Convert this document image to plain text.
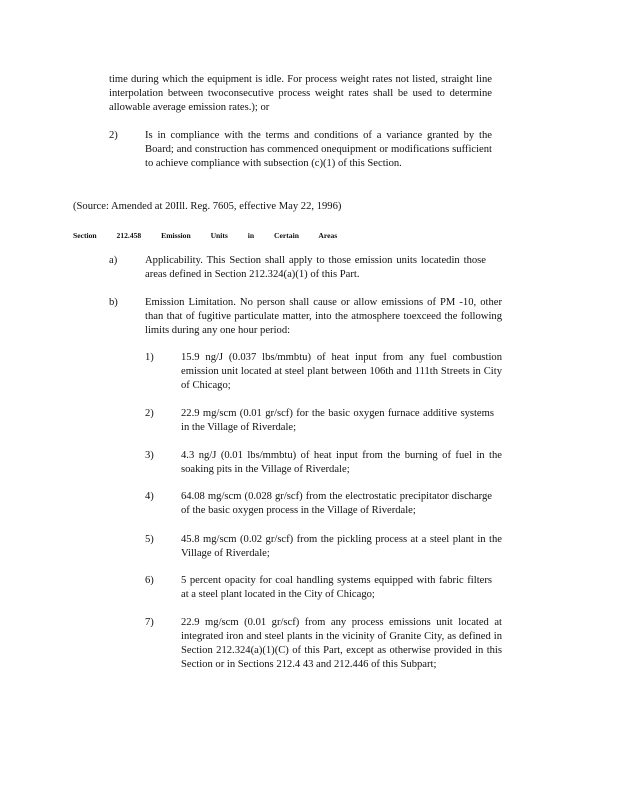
time during which the equipment is idle. For process weight rates not listed, straight line interpolation between twoconsecutive process weight rates shall be used to determine allowable average emission rates.); or

2)	Is in compliance with the terms and conditions of a variance granted by the Board; and construction has commenced onequipment or modifications sufficient to achieve compliance with subsection (c)(1) of this Section.

(Source: Amended at 20Ill. Reg. 7605, effective May 22, 1996)

Section	212.458	Emission	Units	in	Certain	Areas

a)	Applicability. This Section shall apply to those emission units locatedin those areas defined in Section 212.324(a)(1) of this Part.

b)	Emission Limitation. No person shall cause or allow emissions of PM -10, other than that of fugitive particulate matter, into the atmosphere toexceed the following limits during any one hour period:

1)	15.9 ng/J (0.037 lbs/mmbtu) of heat input from any fuel combustion emission unit located at steel plant between 106th and 111th Streets in City of Chicago;

2)	22.9 mg/scm (0.01 gr/scf) for the basic oxygen furnace additive systems in the Village of Riverdale;

3)	4.3 ng/J (0.01 lbs/mmbtu) of heat input from the burning of fuel in the soaking pits in the Village of Riverdale;

4)	64.08 mg/scm (0.028 gr/scf) from the electrostatic precipitator discharge of the basic oxygen process in the Village of Riverdale;

5)	45.8 mg/scm (0.02 gr/scf) from the pickling process at a steel plant in the Village of Riverdale;

6)	5 percent opacity for coal handling systems equipped with fabric filters at a steel plant located in the City of Chicago;

7)	22.9 mg/scm (0.01 gr/scf) from any process emissions unit located at integrated iron and steel plants in the vicinity of Granite City, as defined in Section 212.324(a)(1)(C) of this Part, except as otherwise provided in this Section or in Sections 212.4 43 and 212.446 of this Subpart;
